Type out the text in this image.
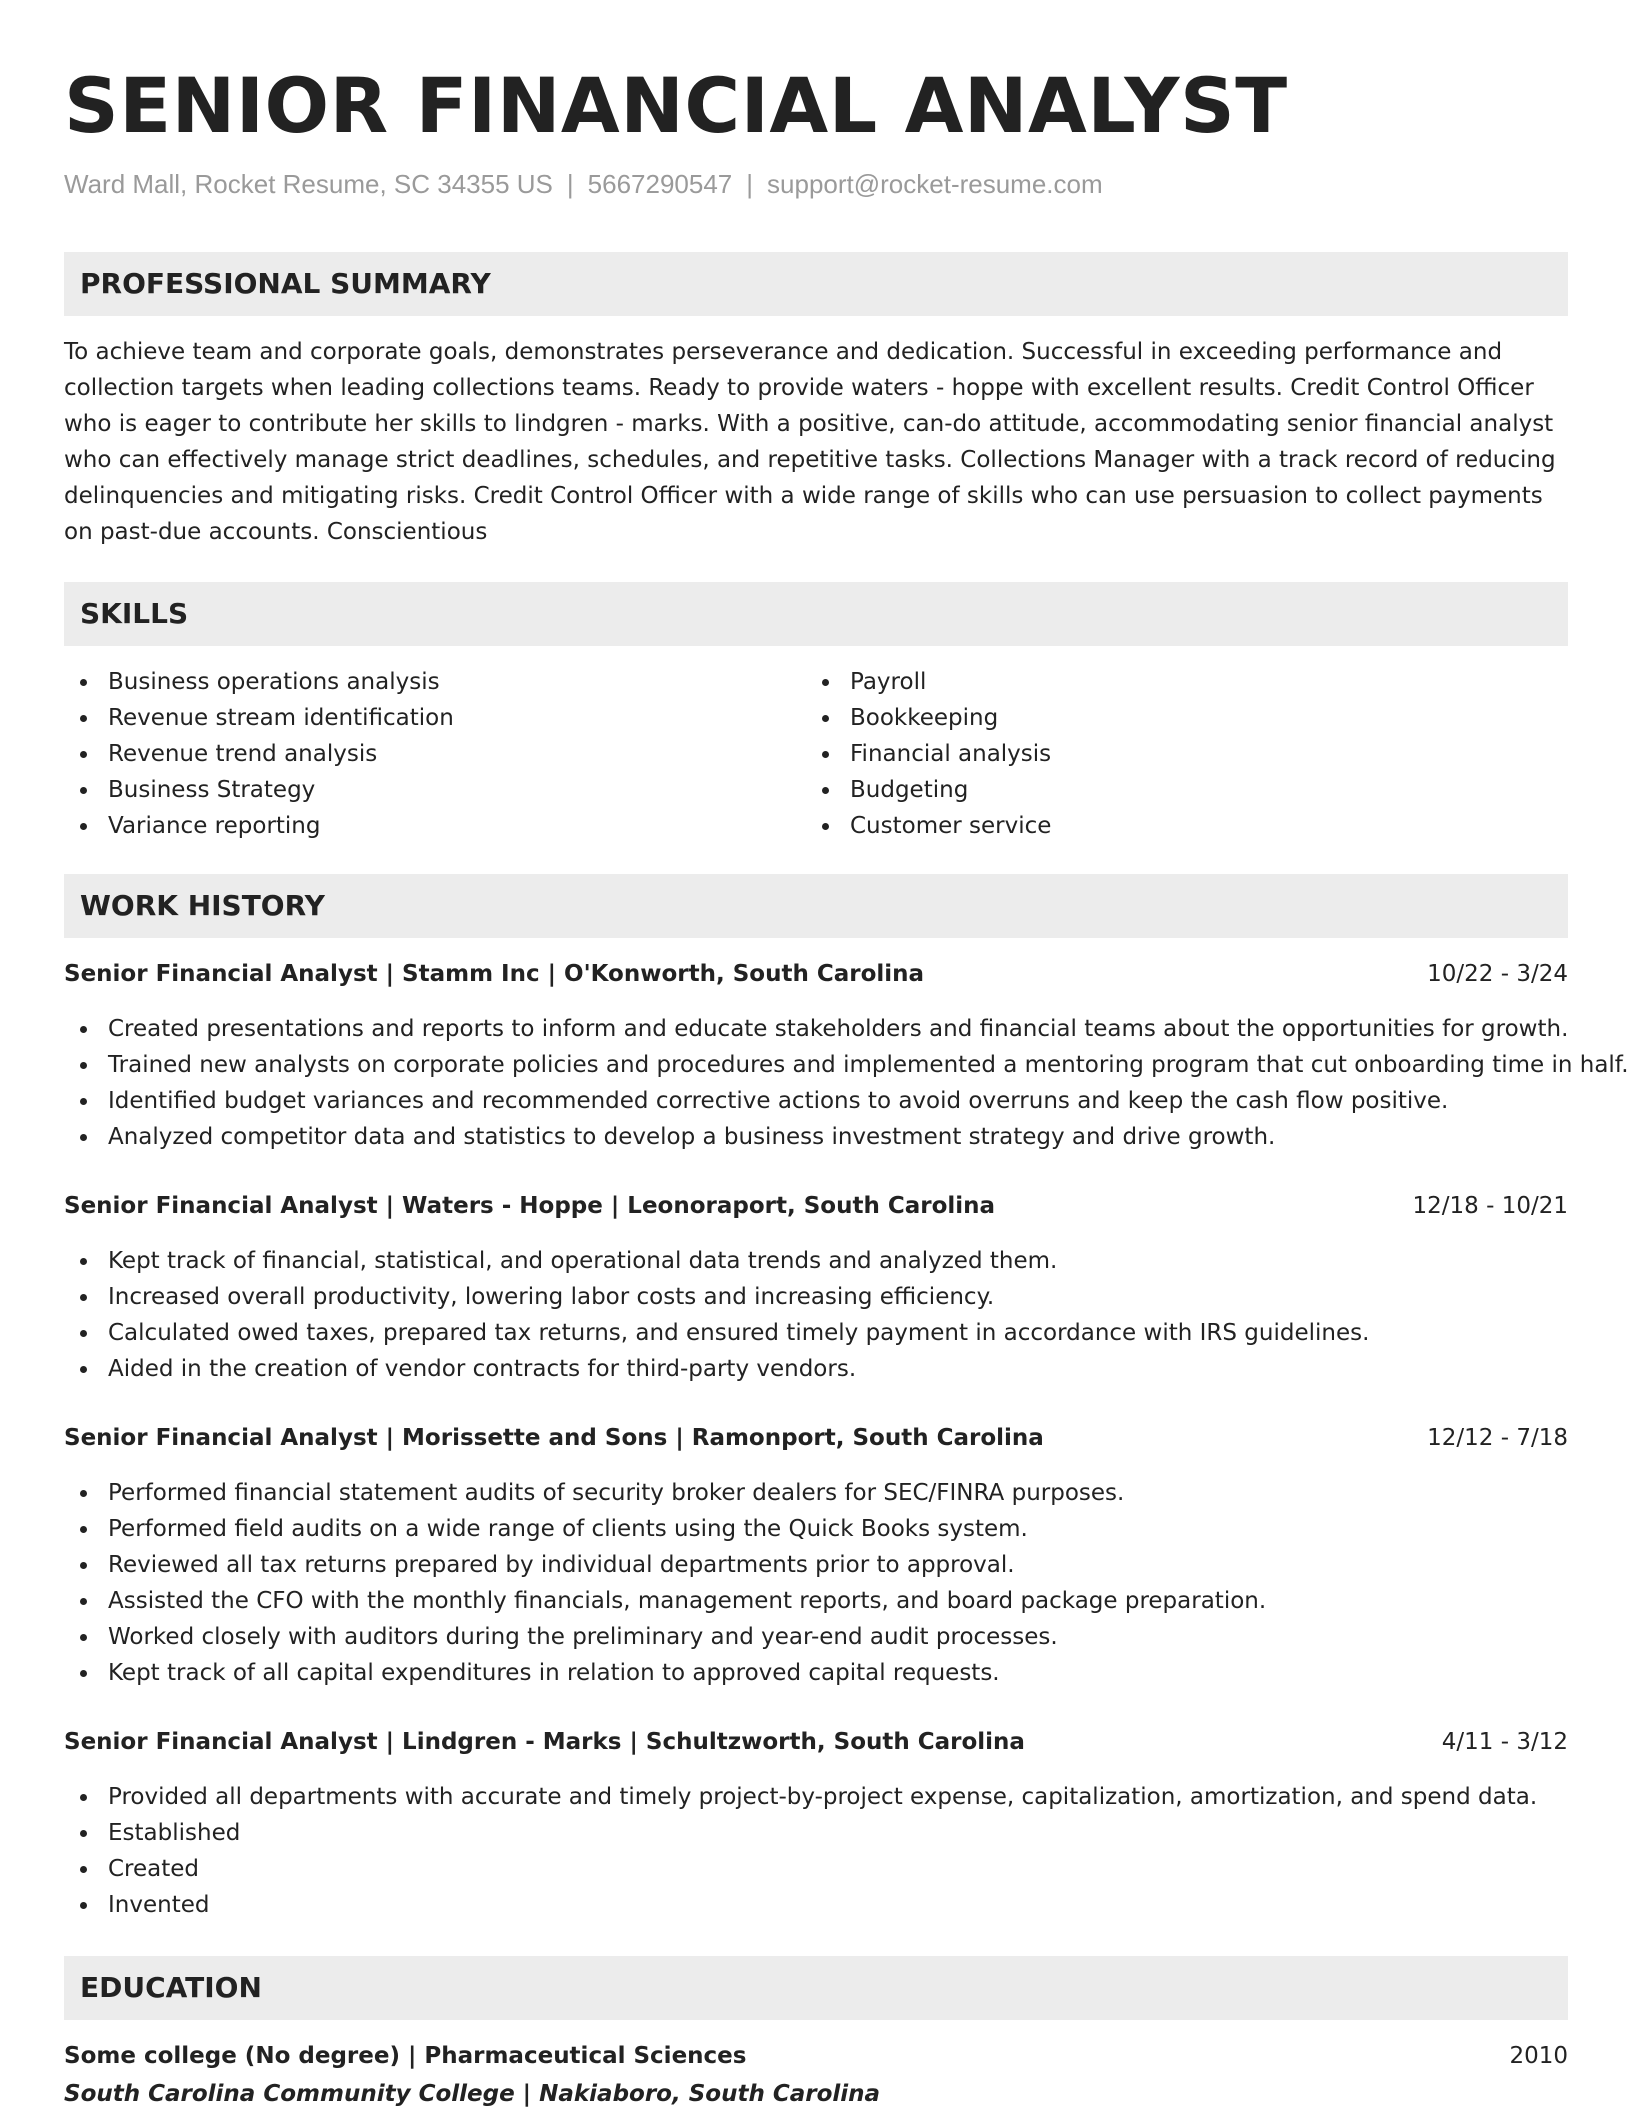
SENIOR FINANCIAL ANALYST
Ward Mall, Rocket Resume, SC 34355 US | 5667290547 | support@rocket-resume.com
PROFESSIONAL SUMMARY

To achieve team and corporate goals, demonstrates perseverance and dedication. Successful in exceeding performance and collection targets when leading collections teams. Ready to provide waters - hoppe with excellent results. Credit Control Officer who is eager to contribute her skills to lindgren - marks. With a positive, can-do attitude, accommodating senior financial analyst who can effectively manage strict deadlines, schedules, and repetitive tasks. Collections Manager with a track record of reducing delinquencies and mitigating risks. Credit Control Officer with a wide range of skills who can use persuasion to collect payments on past-due accounts. Conscientious

SKILLS
Business operations analysis
Revenue stream identification
Revenue trend analysis
Business Strategy
Variance reporting
Payroll
Bookkeeping
Financial analysis
Budgeting
Customer service
WORK HISTORY
Senior Financial Analyst | Stamm Inc | O'Konworth, South Carolina	10/22 - 3/24
Created presentations and reports to inform and educate stakeholders and financial teams about the opportunities for growth.
Trained new analysts on corporate policies and procedures and implemented a mentoring program that cut onboarding time in half.
Identified budget variances and recommended corrective actions to avoid overruns and keep the cash flow positive.
Analyzed competitor data and statistics to develop a business investment strategy and drive growth.
Senior Financial Analyst | Waters - Hoppe | Leonoraport, South Carolina	12/18 - 10/21
Kept track of financial, statistical, and operational data trends and analyzed them.
Increased overall productivity, lowering labor costs and increasing efficiency.
Calculated owed taxes, prepared tax returns, and ensured timely payment in accordance with IRS guidelines.
Aided in the creation of vendor contracts for third-party vendors.
Senior Financial Analyst | Morissette and Sons | Ramonport, South Carolina	12/12 - 7/18
Performed financial statement audits of security broker dealers for SEC/FINRA purposes.
Performed field audits on a wide range of clients using the Quick Books system.
Reviewed all tax returns prepared by individual departments prior to approval.
Assisted the CFO with the monthly financials, management reports, and board package preparation.
Worked closely with auditors during the preliminary and year-end audit processes.
Kept track of all capital expenditures in relation to approved capital requests.
Senior Financial Analyst | Lindgren - Marks | Schultzworth, South Carolina	4/11 - 3/12
Provided all departments with accurate and timely project-by-project expense, capitalization, amortization, and spend data.
Established
Created
Invented
EDUCATION
Some college (No degree) | Pharmaceutical Sciences	2010
South Carolina Community College | Nakiaboro, South Carolina
